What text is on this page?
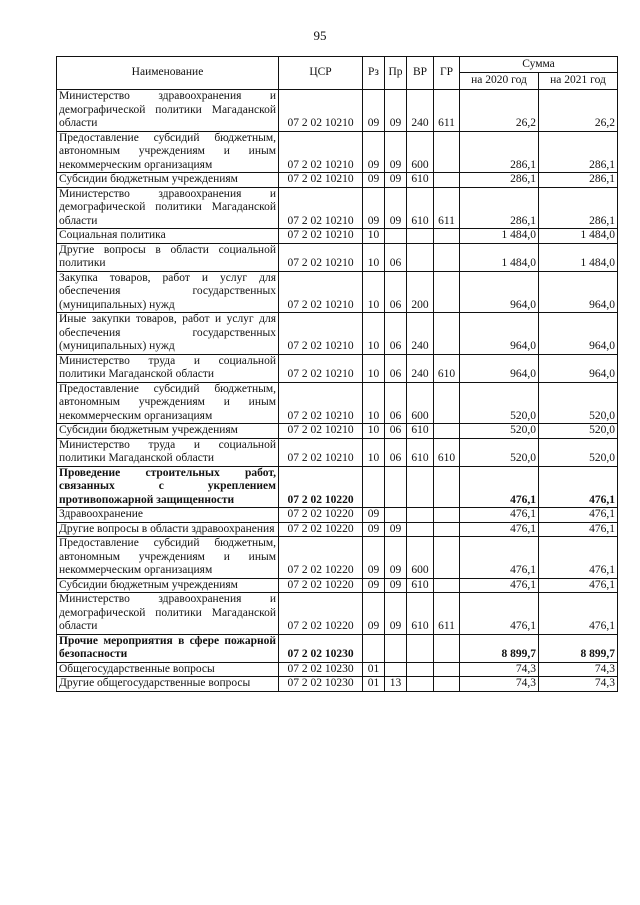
95
Наименование	ЦСР	Рз	Пр	ВР	ГР	Сумма	
						на 2020 год	на 2021 год
Министерство здравоохранения и демографической политики Магаданской области	07 2 02 10210	09	09	240	611	26,2	26,2
Предоставление субсидий бюджетным, автономным учреждениям и иным некоммерческим организациям	07 2 02 10210	09	09	600		286,1	286,1
Субсидии бюджетным учреждениям	07 2 02 10210	09	09	610		286,1	286,1
Министерство здравоохранения и демографической политики Магаданской области	07 2 02 10210	09	09	610	611	286,1	286,1
Социальная политика	07 2 02 10210	10				1 484,0	1 484,0
Другие вопросы в области социальной политики	07 2 02 10210	10	06			1 484,0	1 484,0
Закупка товаров, работ и услуг для обеспечения государственных (муниципальных) нужд	07 2 02 10210	10	06	200		964,0	964,0
Иные закупки товаров, работ и услуг для обеспечения государственных (муниципальных) нужд	07 2 02 10210	10	06	240		964,0	964,0
Министерство труда и социальной политики Магаданской области	07 2 02 10210	10	06	240	610	964,0	964,0
Предоставление субсидий бюджетным, автономным учреждениям и иным некоммерческим организациям	07 2 02 10210	10	06	600		520,0	520,0
Субсидии бюджетным учреждениям	07 2 02 10210	10	06	610		520,0	520,0
Министерство труда и социальной политики Магаданской области	07 2 02 10210	10	06	610	610	520,0	520,0
Проведение строительных работ, связанных с укреплением противопожарной защищенности	07 2 02 10220					476,1	476,1
Здравоохранение	07 2 02 10220	09				476,1	476,1
Другие вопросы в области здравоохранения	07 2 02 10220	09	09			476,1	476,1
Предоставление субсидий бюджетным, автономным учреждениям и иным некоммерческим организациям	07 2 02 10220	09	09	600		476,1	476,1
Субсидии бюджетным учреждениям	07 2 02 10220	09	09	610		476,1	476,1
Министерство здравоохранения и демографической политики Магаданской области	07 2 02 10220	09	09	610	611	476,1	476,1
Прочие мероприятия в сфере пожарной безопасности	07 2 02 10230					8 899,7	8 899,7
Общегосударственные вопросы	07 2 02 10230	01				74,3	74,3
Другие общегосударственные вопросы	07 2 02 10230	01	13			74,3	74,3
